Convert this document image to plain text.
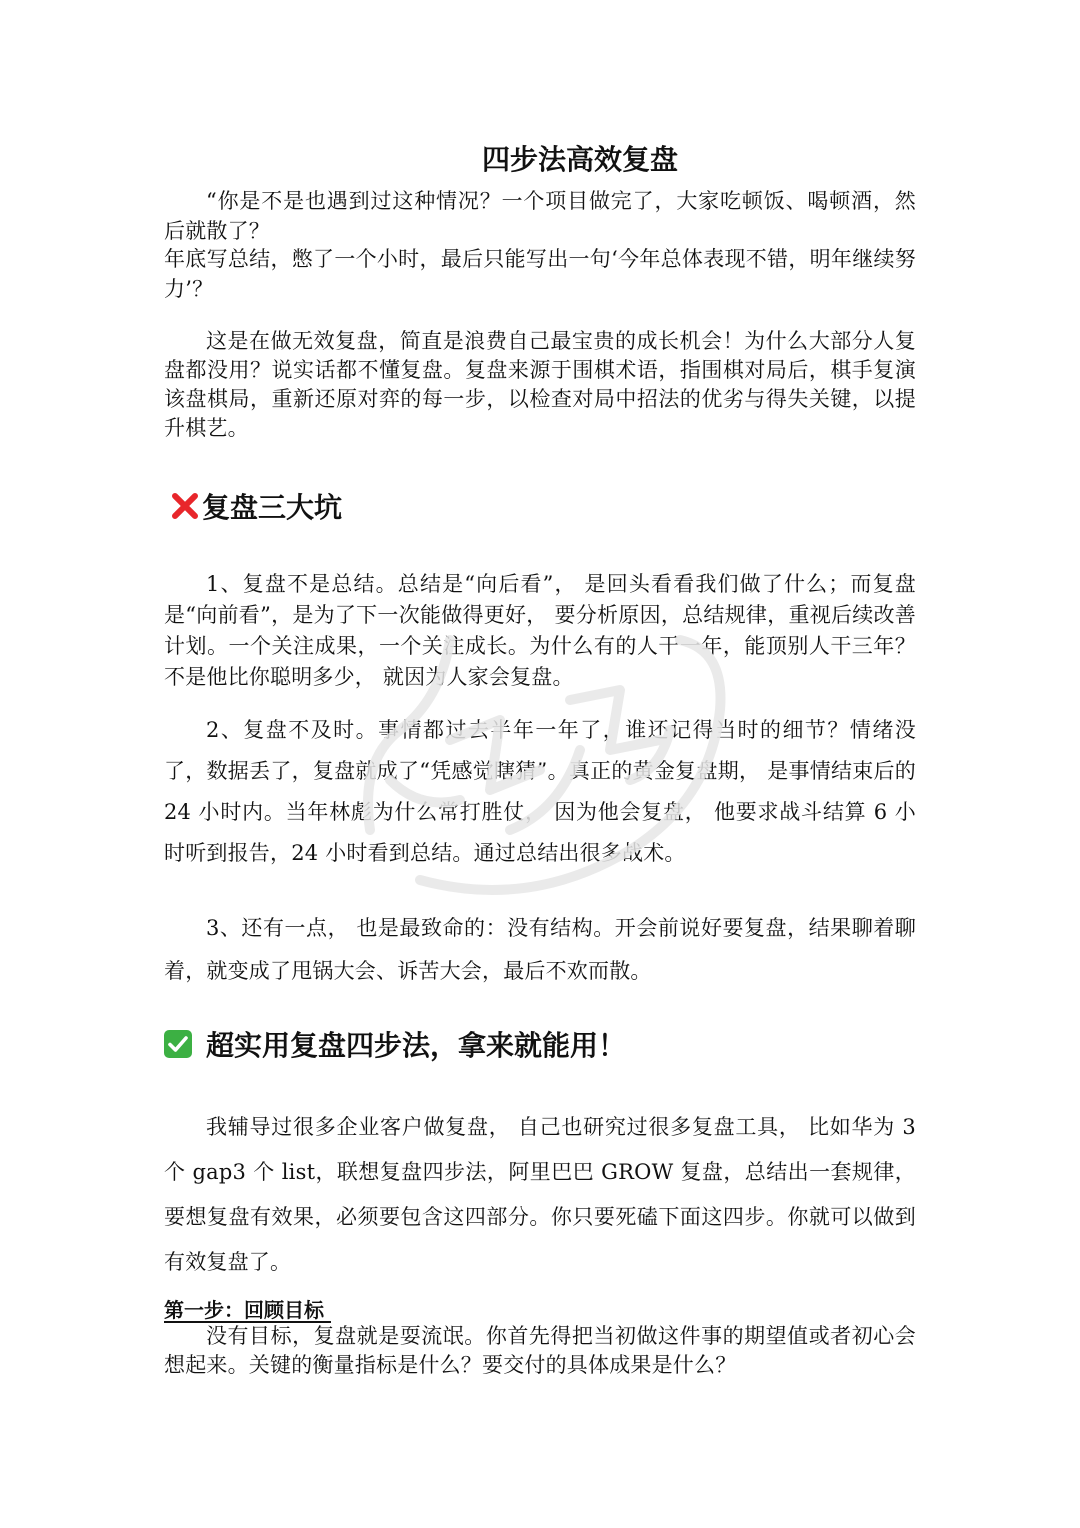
四步法高效复盘

“你是不是也遇到过这种情况？一个项目做完了，大家吃顿饭、喝顿酒，然后就散了？

年底写总结，憋了一个小时，最后只能写出一句‘今年总体表现不错，明年继续努力’？

这是在做无效复盘，简直是浪费自己最宝贵的成长机会！为什么大部分人复盘都没用？说实话都不懂复盘。复盘来源于围棋术语，指围棋对局后，棋手复演该盘棋局，重新还原对弈的每一步，以检查对局中招法的优劣与得失关键，以提升棋艺。

复盘三大坑

1、复盘不是总结。总结是“向后看”， 是回头看看我们做了什么；而复盘是“向前看”，是为了下一次能做得更好， 要分析原因，总结规律，重视后续改善计划。一个关注成果，一个关注成长。为什么有的人干一年，能顶别人干三年？不是他比你聪明多少， 就因为人家会复盘。

2、复盘不及时。事情都过去半年一年了，谁还记得当时的细节？情绪没了，数据丢了，复盘就成了“凭感觉瞎猜”。真正的黄金复盘期， 是事情结束后的 24 小时内。当年林彪为什么常打胜仗， 因为他会复盘， 他要求战斗结算 6 小时听到报告，24 小时看到总结。通过总结出很多战术。

3、还有一点， 也是最致命的：没有结构。开会前说好要复盘，结果聊着聊着，就变成了甩锅大会、诉苦大会，最后不欢而散。

超实用复盘四步法，拿来就能用！

我辅导过很多企业客户做复盘， 自己也研究过很多复盘工具， 比如华为 3 个 gap3 个 list，联想复盘四步法，阿里巴巴 GROW 复盘，总结出一套规律，要想复盘有效果，必须要包含这四部分。你只要死磕下面这四步。你就可以做到有效复盘了。

第一步：回顾目标

没有目标，复盘就是耍流氓。你首先得把当初做这件事的期望值或者初心会想起来。关键的衡量指标是什么？要交付的具体成果是什么？
